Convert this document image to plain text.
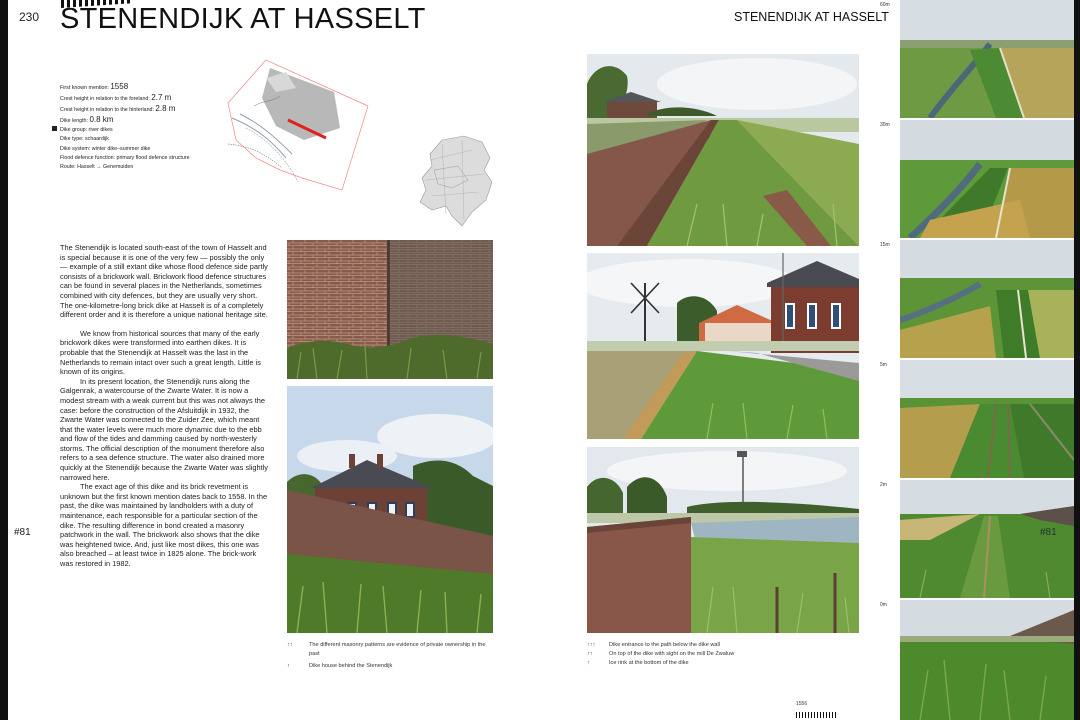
230 STENENDIJK AT HASSELT
First known mention: 1558
Crest height in relation to the foreland: 2.7 m
Crest height in relation to the hinterland: 2.8 m
Dike length: 0.8 km
Dike group: river dikes
Dike type: schaardijk
Dike system: winter dike–summer dike
Flood defence function: primary flood defence structure
Route: Hasselt → Genemuiden

The Stenendijk is located south-east of the town of Hasselt and is special because it is one of the very few — possibly the only — example of a still extant dike whose flood defence side partly consists of a brickwork wall. Brickwork flood defence structures can be found in several places in the Netherlands, sometimes combined with city defences, but they are usually very short. The one-kilometre-long brick dike at Hasselt is of a completely different order and it is therefore a unique national heritage site.

We know from historical sources that many of the early brickwork dikes were transformed into earthen dikes. It is probable that the Stenendijk at Hasselt was the last in the Netherlands to remain intact over such a great length. Little is known of its origins.

In its present location, the Stenendijk runs along the Galgenrak, a watercourse of the Zwarte Water. It is now a modest stream with a weak current but this was not always the case: before the construction of the Afsluitdijk in 1932, the Zwarte Water was connected to the Zuider Zee, which meant that the water levels were much more dynamic due to the ebb and flow of the tides and damming caused by north-westerly storms. The official description of the monument therefore also refers to a sea defence structure. The water also drained more quickly at the Stenendijk because the Zwarte Water was slightly narrowed here.

The exact age of this dike and its brick revetment is unknown but the first known mention dates back to 1558. In the past, the dike was maintained by landholders with a duty of maintenance, each responsible for a particular section of the dike. The resulting difference in bond created a masonry patchwork in the wall. The brickwork also shows that the dike was heightened twice. And, just like most dikes, this one was also breached – at least twice in 1825 alone. The brick-work was restored in 1982.

#81
↑↑	The different masonry patterns are evidence of private ownership in the past
↑	Dike house behind the Stenendijk
STENENDIJK AT HASSELT
↑↑↑	Dike entrance to the path below the dike wall
↑↑	On top of the dike with sight on the mill De Zwaluw
↑	Ice rink at the bottom of the dike
1556
60m
30m
15m
5m
2m
0m
#81
